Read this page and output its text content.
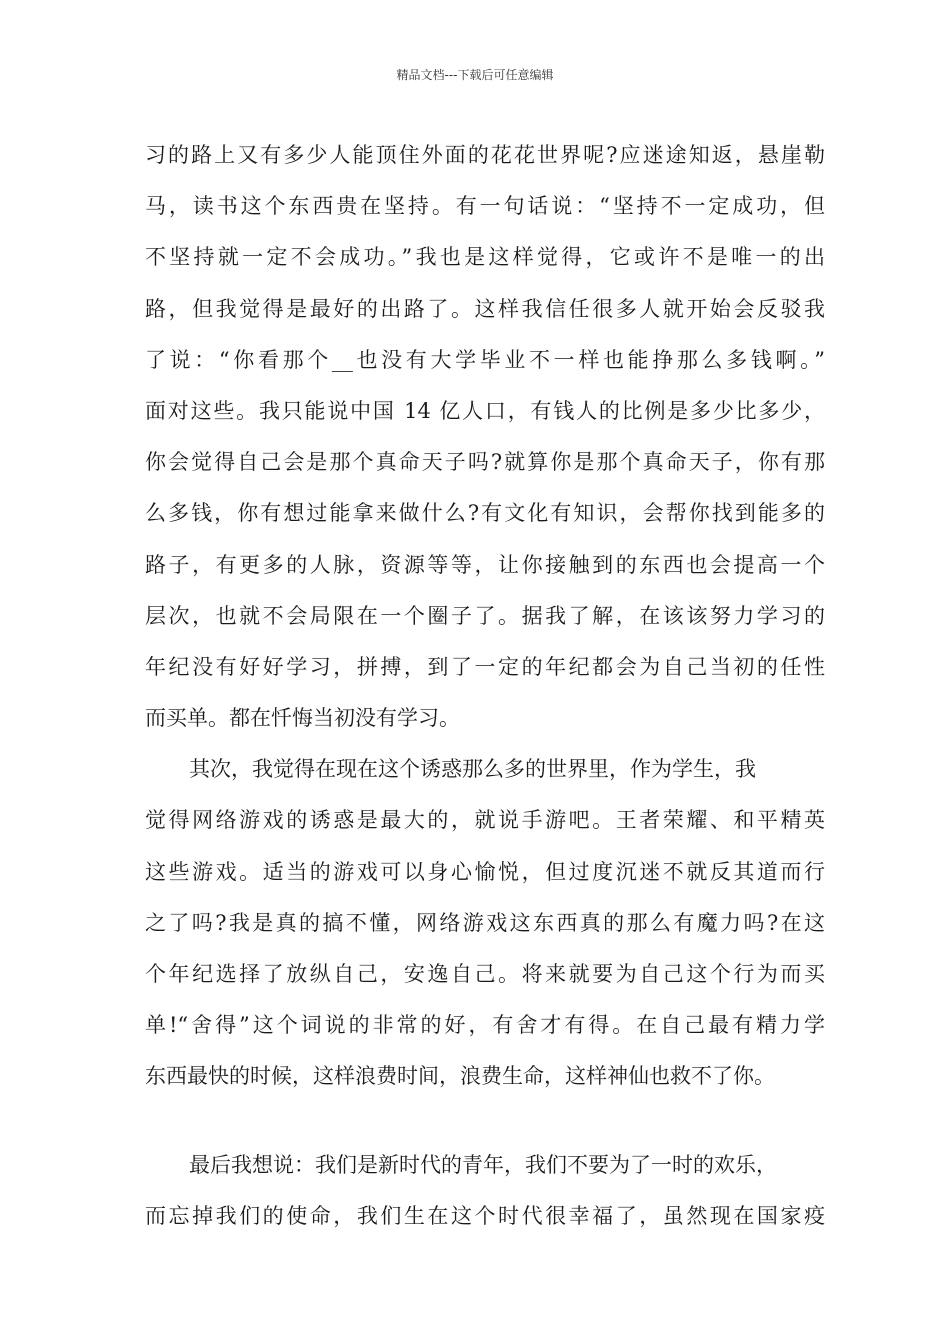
精品文档---下载后可任意编辑
习的路上又有多少人能顶住外面的花花世界呢?应迷途知返，悬崖勒
马，读书这个东西贵在坚持。有一句话说：“坚持不一定成功，但
不坚持就一定不会成功。”我也是这样觉得，它或许不是唯一的出
路，但我觉得是最好的出路了。这样我信任很多人就开始会反驳我
了说：“你看那个__也没有大学毕业不一样也能挣那么多钱啊。”
面对这些。我只能说中国 14 亿人口，有钱人的比例是多少比多少，
你会觉得自己会是那个真命天子吗?就算你是那个真命天子，你有那
么多钱，你有想过能拿来做什么?有文化有知识，会帮你找到能多的
路子，有更多的人脉，资源等等，让你接触到的东西也会提高一个
层次，也就不会局限在一个圈子了。据我了解，在该该努力学习的
年纪没有好好学习，拼搏，到了一定的年纪都会为自己当初的任性
而买单。都在忏悔当初没有学习。
其次，我觉得在现在这个诱惑那么多的世界里，作为学生，我
觉得网络游戏的诱惑是最大的，就说手游吧。王者荣耀、和平精英
这些游戏。适当的游戏可以身心愉悦，但过度沉迷不就反其道而行
之了吗?我是真的搞不懂，网络游戏这东西真的那么有魔力吗?在这
个年纪选择了放纵自己，安逸自己。将来就要为自己这个行为而买
单!“舍得”这个词说的非常的好，有舍才有得。在自己最有精力学
东西最快的时候，这样浪费时间，浪费生命，这样神仙也救不了你。
最后我想说：我们是新时代的青年，我们不要为了一时的欢乐，
而忘掉我们的使命，我们生在这个时代很幸福了，虽然现在国家疫
